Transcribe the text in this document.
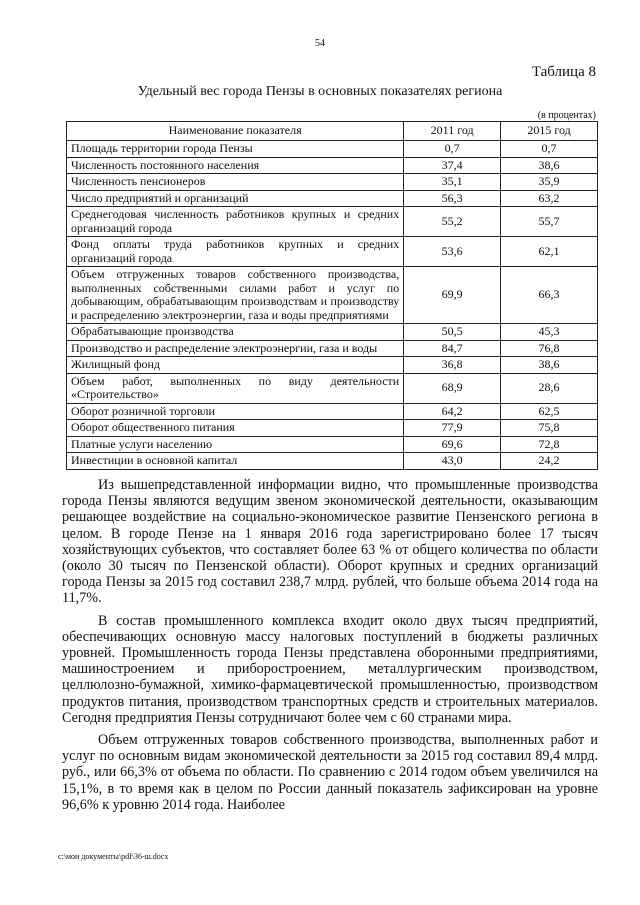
54
Таблица 8
Удельный вес города Пензы в основных показателях региона
(в процентах)
Наименование показателя	2011 год	2015 год
Площадь территории города Пензы	0,7	0,7
Численность постоянного населения	37,4	38,6
Численность пенсионеров	35,1	35,9
Число предприятий и организаций	56,3	63,2
Среднегодовая численность работников крупных и средних организаций города	55,2	55,7
Фонд оплаты труда работников крупных и средних организаций города	53,6	62,1
Объем отгруженных товаров собственного производства, выполненных собственными силами работ и услуг по добывающим, обрабатывающим производствам и производству и распределению электроэнергии, газа и воды предприятиями	69,9	66,3
Обрабатывающие производства	50,5	45,3
Производство и распределение электроэнергии, газа и воды	84,7	76,8
Жилищный фонд	36,8	38,6
Объем работ, выполненных по виду деятельности «Строительство»	68,9	28,6
Оборот розничной торговли	64,2	62,5
Оборот общественного питания	77,9	75,8
Платные услуги населению	69,6	72,8
Инвестиции в основной капитал	43,0	24,2

Из вышепредставленной информации видно, что промышленные производства города Пензы являются ведущим звеном экономической деятельности, оказывающим решающее воздействие на социально-экономическое развитие Пензенского региона в целом. В городе Пензе на 1 января 2016 года зарегистрировано более 17 тысяч хозяйствующих субъектов, что составляет более 63 % от общего количества по области (около 30 тысяч по Пензенской области). Оборот крупных и средних организаций города Пензы за 2015 год составил 238,7 млрд. рублей, что больше объема 2014 года на 11,7%.

В состав промышленного комплекса входит около двух тысяч предприятий, обеспечивающих основную массу налоговых поступлений в бюджеты различных уровней. Промышленность города Пензы представлена оборонными предприятиями, машиностроением и приборостроением, металлургическим производством, целлюлозно-бумажной, химико-фармацевтической промышленностью, производством продуктов питания, производством транспортных средств и строительных материалов. Сегодня предприятия Пензы сотрудничают более чем с 60 странами мира.

Объем отгруженных товаров собственного производства, выполненных работ и услуг по основным видам экономической деятельности за 2015 год составил 89,4 млрд. руб., или 66,3% от объема по области. По сравнению с 2014 годом объем увеличился на 15,1%, в то время как в целом по России данный показатель зафиксирован на уровне 96,6% к уровню 2014 года. Наиболее

c:\мои документы\pdf\36-ш.docx
